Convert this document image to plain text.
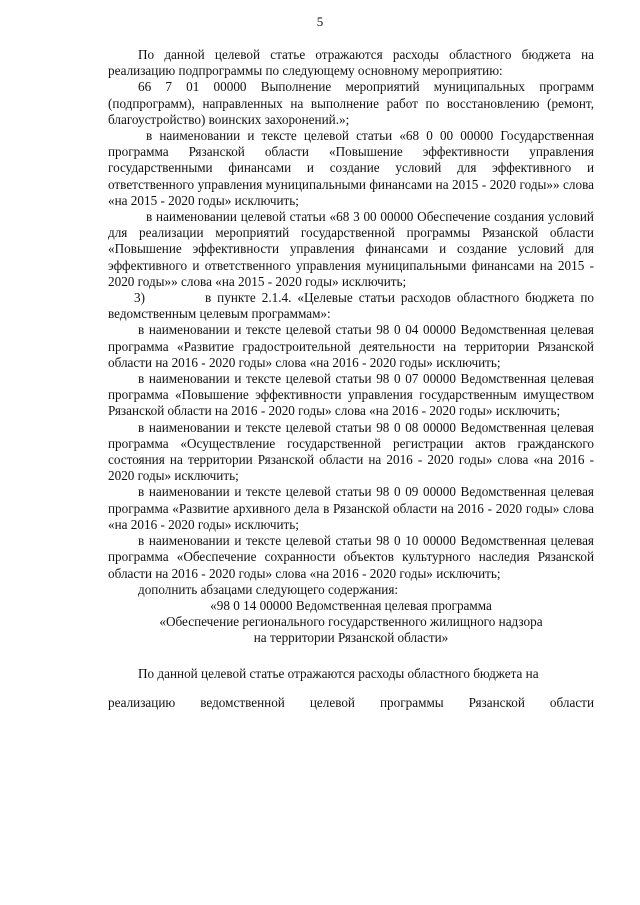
5

По данной целевой статье отражаются расходы областного бюджета на реализацию подпрограммы по следующему основному мероприятию:

66 7 01 00000 Выполнение мероприятий муниципальных программ (подпрограмм), направленных на выполнение работ по восстановлению (ремонт, благоустройство) воинских захоронений.»;

в наименовании и тексте целевой статьи «68 0 00 00000 Государственная программа Рязанской области «Повышение эффективности управления государственными финансами и создание условий для эффективного и ответственного управления муниципальными финансами на 2015 - 2020 годы»» слова «на 2015 - 2020 годы» исключить;

в наименовании целевой статьи «68 3 00 00000 Обеспечение создания условий для реализации мероприятий государственной программы Рязанской области «Повышение эффективности управления финансами и создание условий для эффективного и ответственного управления муниципальными финансами на 2015 - 2020 годы»» слова «на 2015 - 2020 годы» исключить;

3)          в пункте 2.1.4. «Целевые статьи расходов областного бюджета по ведомственным целевым программам»:

в наименовании и тексте целевой статьи 98 0 04 00000 Ведомственная целевая программа «Развитие градостроительной деятельности на территории Рязанской области на 2016 - 2020 годы» слова «на 2016 - 2020 годы» исключить;

в наименовании и тексте целевой статьи 98 0 07 00000 Ведомственная целевая программа «Повышение эффективности управления государственным имуществом Рязанской области на 2016 - 2020 годы» слова «на 2016 - 2020 годы» исключить;

в наименовании и тексте целевой статьи 98 0 08 00000 Ведомственная целевая программа «Осуществление государственной регистрации актов гражданского состояния на территории Рязанской области на 2016 - 2020 годы» слова «на 2016 - 2020 годы» исключить;

в наименовании и тексте целевой статьи 98 0 09 00000 Ведомственная целевая программа «Развитие архивного дела в Рязанской области на 2016 - 2020 годы» слова «на 2016 - 2020 годы» исключить;

в наименовании и тексте целевой статьи 98 0 10 00000 Ведомственная целевая программа «Обеспечение сохранности объектов культурного наследия Рязанской области на 2016 - 2020 годы» слова «на 2016 - 2020 годы» исключить;

дополнить абзацами следующего содержания:

«98 0 14 00000 Ведомственная целевая программа

«Обеспечение регионального государственного жилищного надзора

на территории Рязанской области»

По данной целевой статье отражаются расходы областного бюджета на

реализацию ведомственной целевой программы Рязанской области
